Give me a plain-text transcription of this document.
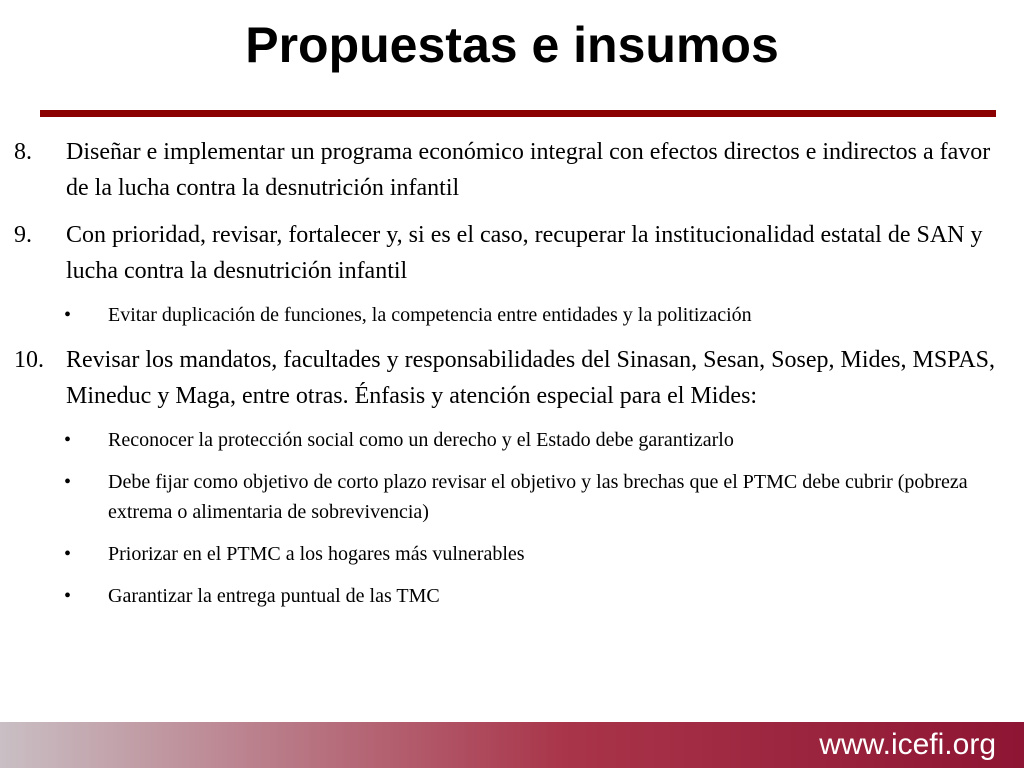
Propuestas e insumos
8. Diseñar e implementar un programa económico integral con efectos directos e indirectos a favor de la lucha contra la desnutrición infantil
9. Con prioridad, revisar, fortalecer y, si es el caso, recuperar la institucionalidad estatal de SAN y lucha contra la desnutrición infantil
• Evitar duplicación de funciones, la competencia entre entidades y la politización
10. Revisar los mandatos, facultades y responsabilidades del Sinasan, Sesan, Sosep, Mides, MSPAS, Mineduc y Maga, entre otras. Énfasis y atención especial para el Mides:
• Reconocer la protección social como un derecho y el Estado debe garantizarlo
• Debe fijar como objetivo de corto plazo revisar el objetivo y las brechas que el PTMC debe cubrir (pobreza extrema o alimentaria de sobrevivencia)
• Priorizar en el PTMC a los hogares más vulnerables
• Garantizar la entrega puntual de las TMC
www.icefi.org
